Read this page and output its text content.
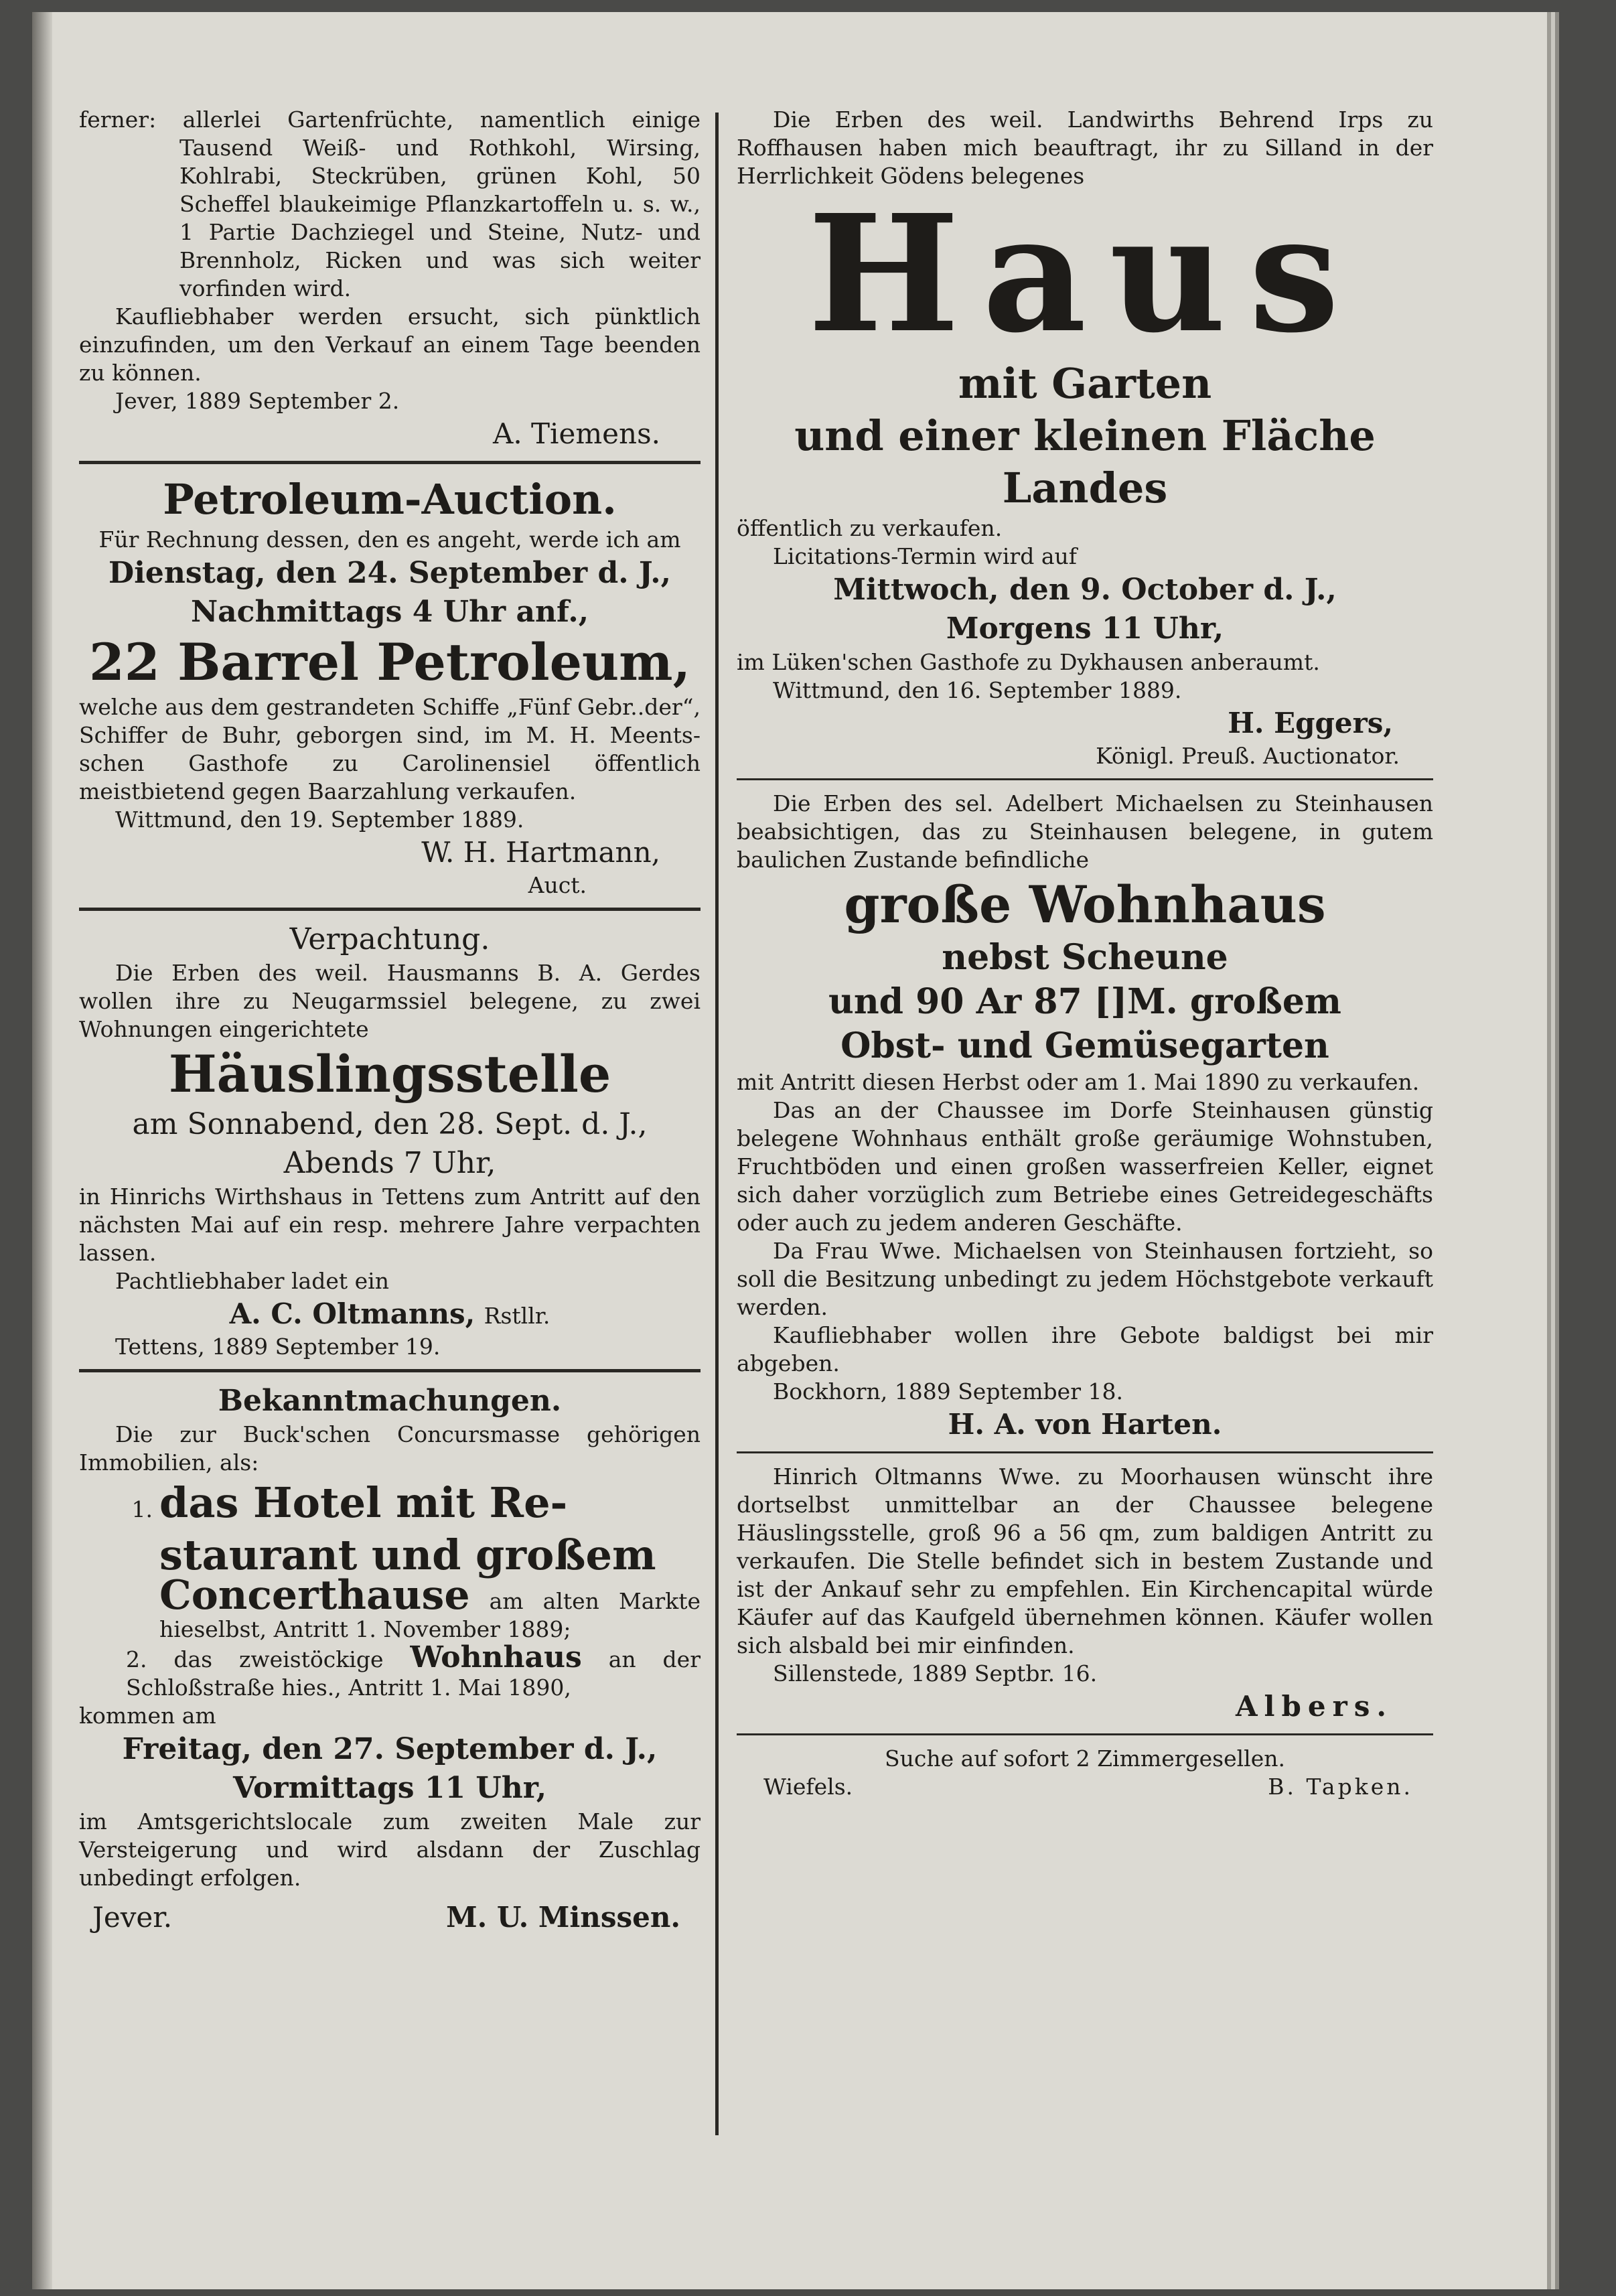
ferner: allerlei Gartenfrüchte, namentlich einige Tausend Weiß- und Rothkohl, Wirsing, Kohlrabi, Steckrüben, grünen Kohl, 50 Scheffel blaukeimige Pflanzkartoffeln u. s. w., 1 Partie Dachziegel und Steine, Nutz- und Brennholz, Ricken und was sich weiter vorfinden wird.

Kaufliebhaber werden ersucht, sich pünktlich einzufinden, um den Verkauf an einem Tage beenden zu können.

Jever, 1889 September 2.

A. Tiemens.

Petroleum-Auction.

Für Rechnung dessen, den es angeht, werde ich am

Dienstag, den 24. September d. J.,

Nachmittags 4 Uhr anf.,

22 Barrel Petroleum,

welche aus dem gestrandeten Schiffe „Fünf Gebr..der“, Schiffer de Buhr, geborgen sind, im M. H. Meents-schen Gasthofe zu Carolinensiel öffentlich meistbietend gegen Baarzahlung verkaufen.

Wittmund, den 19. September 1889.

W. H. Hartmann,

Auct.

Verpachtung.

Die Erben des weil. Hausmanns B. A. Gerdes wollen ihre zu Neugarmssiel belegene, zu zwei Wohnungen eingerichtete

Häuslingsstelle

am Sonnabend, den 28. Sept. d. J.,

Abends 7 Uhr,

in Hinrichs Wirthshaus in Tettens zum Antritt auf den nächsten Mai auf ein resp. mehrere Jahre verpachten lassen.

Pachtliebhaber ladet ein

A. C. Oltmanns, Rstllr.

Tettens, 1889 September 19.

Bekanntmachungen.

Die zur Buck'schen Concursmasse gehörigen Immobilien, als:

1. das Hotel mit Re-

staurant und großem

Concerthause am alten Markte hieselbst, Antritt 1. November 1889;

2. das zweistöckige Wohnhaus an der Schloßstraße hies., Antritt 1. Mai 1890,

kommen am

Freitag, den 27. September d. J.,

Vormittags 11 Uhr,

im Amtsgerichtslocale zum zweiten Male zur Versteigerung und wird alsdann der Zuschlag unbedingt erfolgen.

Jever.	M. U. Minssen.

Die Erben des weil. Landwirths Behrend Irps zu Roffhausen haben mich beauftragt, ihr zu Silland in der Herrlichkeit Gödens belegenes

Haus

mit Garten

und einer kleinen Fläche

Landes

öffentlich zu verkaufen.

Licitations-Termin wird auf

Mittwoch, den 9. October d. J.,

Morgens 11 Uhr,

im Lüken'schen Gasthofe zu Dykhausen anberaumt.

Wittmund, den 16. September 1889.

H. Eggers,

Königl. Preuß. Auctionator.

Die Erben des sel. Adelbert Michaelsen zu Steinhausen beabsichtigen, das zu Steinhausen belegene, in gutem baulichen Zustande befindliche

große Wohnhaus

nebst Scheune

und 90 Ar 87 []M. großem

Obst- und Gemüsegarten

mit Antritt diesen Herbst oder am 1. Mai 1890 zu verkaufen.

Das an der Chaussee im Dorfe Steinhausen günstig belegene Wohnhaus enthält große geräumige Wohnstuben, Fruchtböden und einen großen wasserfreien Keller, eignet sich daher vorzüglich zum Betriebe eines Getreidegeschäfts oder auch zu jedem anderen Geschäfte.

Da Frau Wwe. Michaelsen von Steinhausen fortzieht, so soll die Besitzung unbedingt zu jedem Höchstgebote verkauft werden.

Kaufliebhaber wollen ihre Gebote baldigst bei mir abgeben.

Bockhorn, 1889 September 18.

H. A. von Harten.

Hinrich Oltmanns Wwe. zu Moorhausen wünscht ihre dortselbst unmittelbar an der Chaussee belegene Häuslingsstelle, groß 96 a 56 qm, zum baldigen Antritt zu verkaufen. Die Stelle befindet sich in bestem Zustande und ist der Ankauf sehr zu empfehlen. Ein Kirchencapital würde Käufer auf das Kaufgeld übernehmen können. Käufer wollen sich alsbald bei mir einfinden.

Sillenstede, 1889 Septbr. 16.

Albers.

Suche auf sofort 2 Zimmergesellen.

Wiefels.	B. Tapken.
